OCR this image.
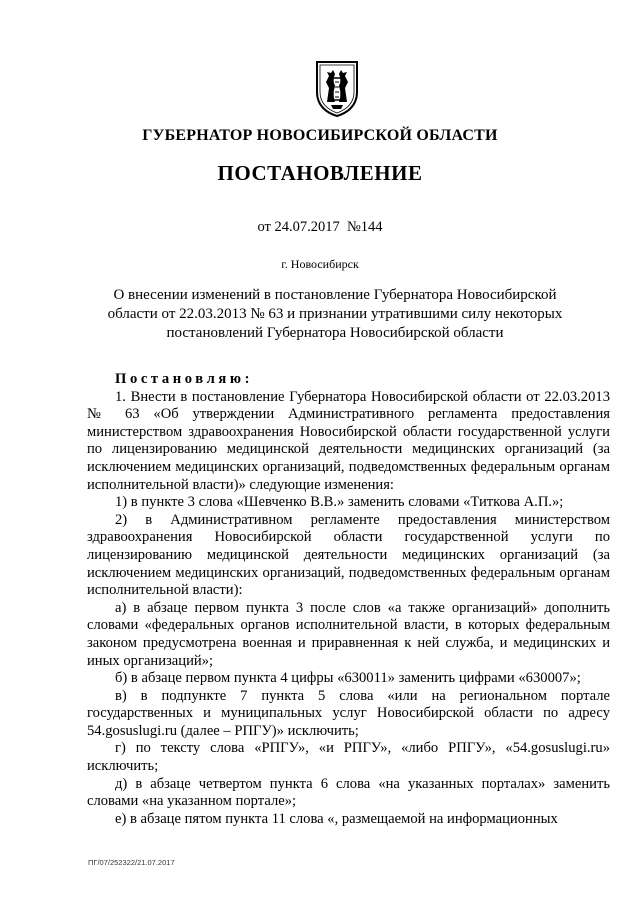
ГУБЕРНАТОР НОВОСИБИРСКОЙ ОБЛАСТИ
ПОСТАНОВЛЕНИЕ
от 24.07.2017  №144
г. Новосибирск
О внесении изменений в постановление Губернатора Новосибирской области от 22.03.2013 № 63 и признании утратившими силу некоторых постановлений Губернатора Новосибирской области

Постановляю:

1. Внести в постановление Губернатора Новосибирской области от 22.03.2013 № 63 «Об утверждении Административного регламента предоставления министерством здравоохранения Новосибирской области государственной услуги по лицензированию медицинской деятельности медицинских организаций (за исключением медицинских организаций, подведомственных федеральным органам исполнительной власти)» следующие изменения:

1) в пункте 3 слова «Шевченко В.В.» заменить словами «Титкова А.П.»;

2) в Административном регламенте предоставления министерством здравоохранения Новосибирской области государственной услуги по лицензированию медицинской деятельности медицинских организаций (за исключением медицинских организаций, подведомственных федеральным органам исполнительной власти):

а) в абзаце первом пункта 3 после слов «а также организаций» дополнить словами «федеральных органов исполнительной власти, в которых федеральным законом предусмотрена военная и приравненная к ней служба, и медицинских и иных организаций»;

б) в абзаце первом пункта 4 цифры «630011» заменить цифрами «630007»;

в) в подпункте 7 пункта 5 слова «или на региональном портале государственных и муниципальных услуг Новосибирской области по адресу 54.gosuslugi.ru (далее – РПГУ)» исключить;

г) по тексту слова «РПГУ», «и РПГУ», «либо РПГУ», «54.gosuslugi.ru» исключить;

д) в абзаце четвертом пункта 6 слова «на указанных порталах» заменить словами «на указанном портале»;

е) в абзаце пятом пункта 11 слова «, размещаемой на информационных

ПГ/07/252322/21.07.2017
